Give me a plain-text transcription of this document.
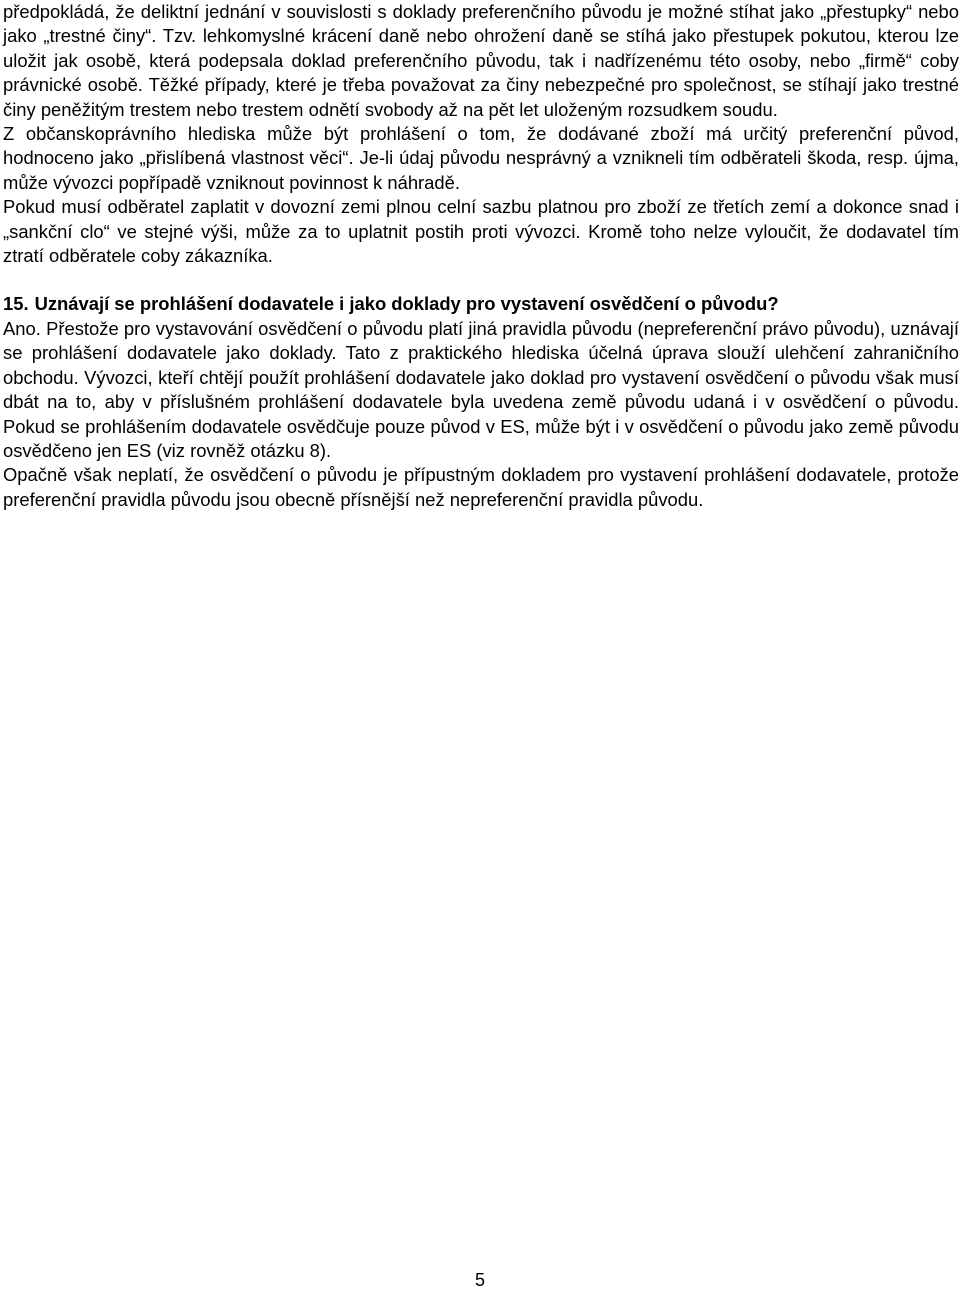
předpokládá, že deliktní jednání v souvislosti s doklady preferenčního původu je možné stíhat jako „přestupky“ nebo jako „trestné činy“. Tzv. lehkomyslné krácení daně nebo ohrožení daně se stíhá jako přestupek pokutou, kterou lze uložit jak osobě, která podepsala doklad preferenčního původu, tak i nadřízenému této osoby, nebo „firmě“ coby právnické osobě. Těžké případy, které je třeba považovat za činy nebezpečné pro společnost, se stíhají jako trestné činy peněžitým trestem nebo trestem odnětí svobody až na pět let uloženým rozsudkem soudu.

Z občanskoprávního hlediska může být prohlášení o tom, že dodávané zboží má určitý preferenční původ, hodnoceno jako „přislíbená vlastnost věci“. Je-li údaj původu nesprávný a vznikneli tím odběrateli škoda, resp. újma, může vývozci popřípadě vzniknout povinnost k náhradě.

Pokud musí odběratel zaplatit v dovozní zemi plnou celní sazbu platnou pro zboží ze třetích zemí a dokonce snad i „sankční clo“ ve stejné výši, může za to uplatnit postih proti vývozci. Kromě toho nelze vyloučit, že dodavatel tím ztratí odběratele coby zákazníka.

15. Uznávají se prohlášení dodavatele i jako doklady pro vystavení osvědčení o původu?

Ano. Přestože pro vystavování osvědčení o původu platí jiná pravidla původu (nepreferenční právo původu), uznávají se prohlášení dodavatele jako doklady. Tato z praktického hlediska účelná úprava slouží ulehčení zahraničního obchodu. Vývozci, kteří chtějí použít prohlášení dodavatele jako doklad pro vystavení osvědčení o původu však musí dbát na to, aby v příslušném prohlášení dodavatele byla uvedena země původu udaná i v osvědčení o původu. Pokud se prohlášením dodavatele osvědčuje pouze původ v ES, může být i v osvědčení o původu jako země původu osvědčeno jen ES (viz rovněž otázku 8).

Opačně však neplatí, že osvědčení o původu je přípustným dokladem pro vystavení prohlášení dodavatele, protože preferenční pravidla původu jsou obecně přísnější než nepreferenční pravidla původu.

5
